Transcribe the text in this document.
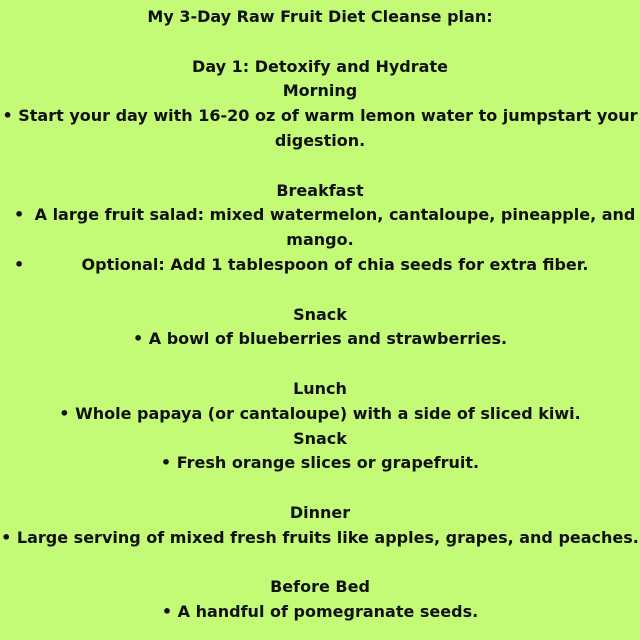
My 3-Day Raw Fruit Diet Cleanse plan:
Day 1: Detoxify and Hydrate
Morning
• Start your day with 16-20 oz of warm lemon water to jumpstart your
digestion.
Breakfast
• A large fruit salad: mixed watermelon, cantaloupe, pineapple, and
mango.
•	Optional: Add 1 tablespoon of chia seeds for extra fiber.
Snack
• A bowl of blueberries and strawberries.
Lunch
• Whole papaya (or cantaloupe) with a side of sliced kiwi.
Snack
• Fresh orange slices or grapefruit.
Dinner
• Large serving of mixed fresh fruits like apples, grapes, and peaches.
Before Bed
• A handful of pomegranate seeds.
